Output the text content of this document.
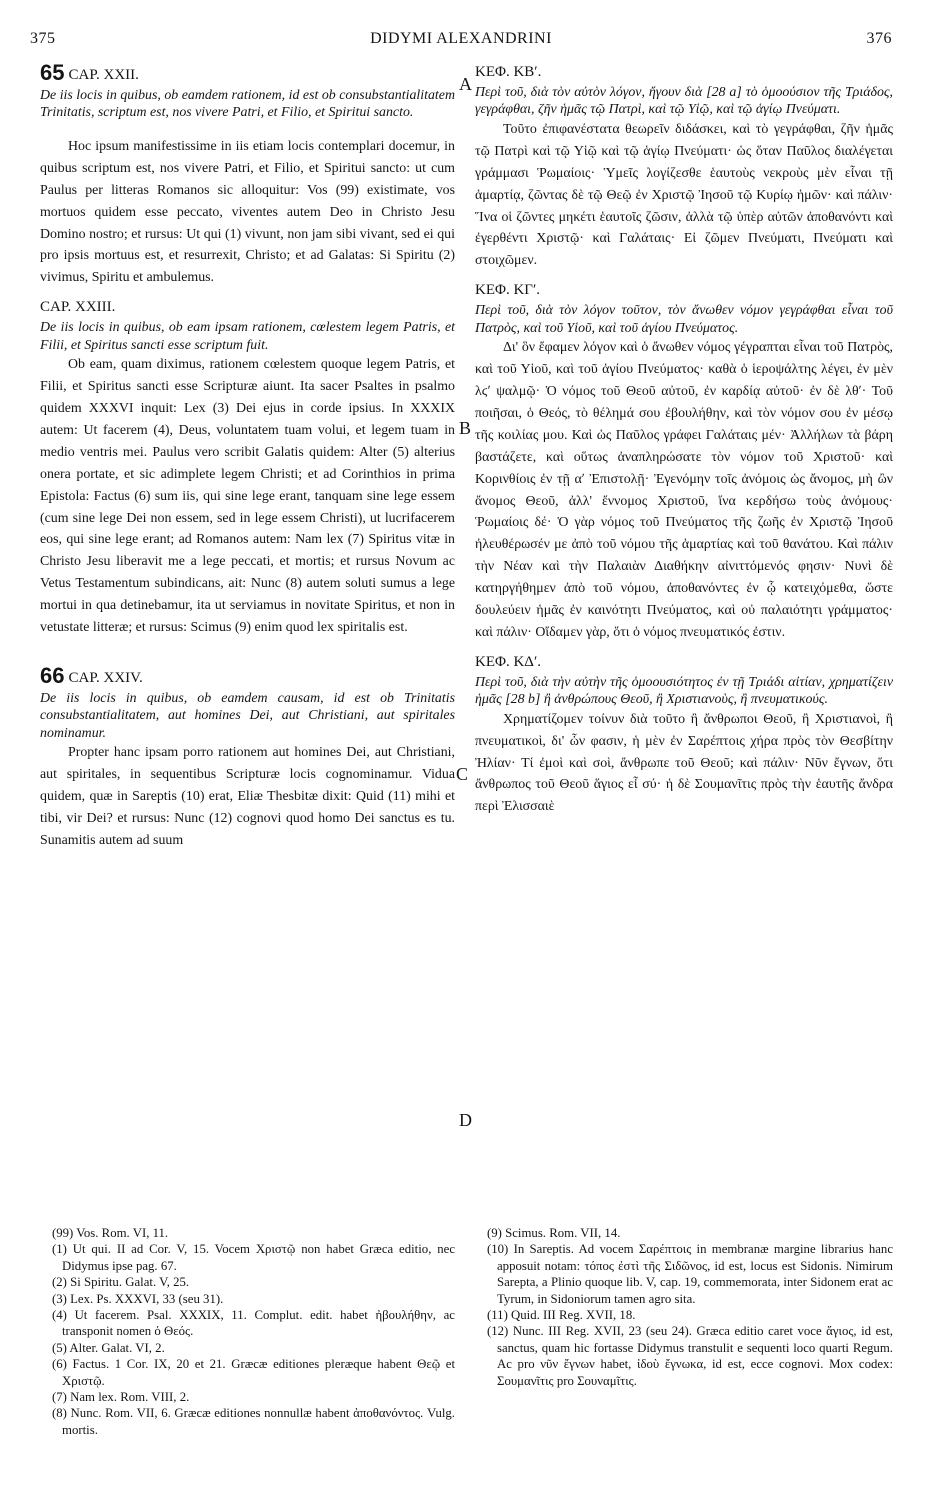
375	DIDYMI ALEXANDRINI	376
A
B
C
D

65 CAP. XXII.

De iis locis in quibus, ob eamdem rationem, id est ob consubstantialitatem Trinitatis, scriptum est, nos vivere Patri, et Filio, et Spiritui sancto.

Hoc ipsum manifestissime in iis etiam locis contemplari docemur, in quibus scriptum est, nos vivere Patri, et Filio, et Spiritui sancto: ut cum Paulus per litteras Romanos sic alloquitur: Vos (99) existimate, vos mortuos quidem esse peccato, viventes autem Deo in Christo Jesu Domino nostro; et rursus: Ut qui (1) vivunt, non jam sibi vivant, sed ei qui pro ipsis mortuus est, et resurrexit, Christo; et ad Galatas: Si Spiritu (2) vivimus, Spiritu et ambulemus.

CAP. XXIII.

De iis locis in quibus, ob eam ipsam rationem, cœlestem legem Patris, et Filii, et Spiritus sancti esse scriptum fuit.

Ob eam, quam diximus, rationem cœlestem quoque legem Patris, et Filii, et Spiritus sancti esse Scripturæ aiunt. Ita sacer Psaltes in psalmo quidem XXXVI inquit: Lex (3) Dei ejus in corde ipsius. In XXXIX autem: Ut facerem (4), Deus, voluntatem tuam volui, et legem tuam in medio ventris mei. Paulus vero scribit Galatis quidem: Alter (5) alterius onera portate, et sic adimplete legem Christi; et ad Corinthios in prima Epistola: Factus (6) sum iis, qui sine lege erant, tanquam sine lege essem (cum sine lege Dei non essem, sed in lege essem Christi), ut lucrifacerem eos, qui sine lege erant; ad Romanos autem: Nam lex (7) Spiritus vitæ in Christo Jesu liberavit me a lege peccati, et mortis; et rursus Novum ac Vetus Testamentum subindicans, ait: Nunc (8) autem soluti sumus a lege mortui in qua detinebamur, ita ut serviamus in novitate Spiritus, et non in vetustate litteræ; et rursus: Scimus (9) enim quod lex spiritalis est.

66 CAP. XXIV.

De iis locis in quibus, ob eamdem causam, id est ob Trinitatis consubstantialitatem, aut homines Dei, aut Christiani, aut spiritales nominamur.

Propter hanc ipsam porro rationem aut homines Dei, aut Christiani, aut spiritales, in sequentibus Scripturæ locis cognominamur. Vidua quidem, quæ in Sareptis (10) erat, Eliæ Thesbitæ dixit: Quid (11) mihi et tibi, vir Dei? et rursus: Nunc (12) cognovi quod homo Dei sanctus es tu. Sunamitis autem ad suum

ΚΕΦ. ΚΒʹ.

Περὶ τοῦ, διὰ τὸν αὐτὸν λόγον, ἤγουν διὰ [28 a] τὸ ὁμοούσιον τῆς Τριάδος, γεγράφθαι, ζῆν ἡμᾶς τῷ Πατρὶ, καὶ τῷ Υἱῷ, καὶ τῷ ἁγίῳ Πνεύματι.

Τοῦτο ἐπιφανέστατα θεωρεῖν διδάσκει, καὶ τὸ γεγράφθαι, ζῆν ἡμᾶς τῷ Πατρὶ καὶ τῷ Υἱῷ καὶ τῷ ἁγίῳ Πνεύματι· ὡς ὅταν Παῦλος διαλέγεται γράμμασι Ῥωμαίοις· Ὑμεῖς λογίζεσθε ἑαυτοὺς νεκροὺς μὲν εἶναι τῇ ἁμαρτίᾳ, ζῶντας δὲ τῷ Θεῷ ἐν Χριστῷ Ἰησοῦ τῷ Κυρίῳ ἡμῶν· καὶ πάλιν· Ἵνα οἱ ζῶντες μηκέτι ἑαυτοῖς ζῶσιν, ἀλλὰ τῷ ὑπὲρ αὐτῶν ἀποθανόντι καὶ ἐγερθέντι Χριστῷ· καὶ Γαλάταις· Εἰ ζῶμεν Πνεύματι, Πνεύματι καὶ στοιχῶμεν.

ΚΕΦ. ΚΓʹ.

Περὶ τοῦ, διὰ τὸν λόγον τοῦτον, τὸν ἄνωθεν νόμον γεγράφθαι εἶναι τοῦ Πατρὸς, καὶ τοῦ Υἱοῦ, καὶ τοῦ ἁγίου Πνεύματος.

Δι' ὃν ἔφαμεν λόγον καὶ ὁ ἄνωθεν νόμος γέγραπται εἶναι τοῦ Πατρὸς, καὶ τοῦ Υἱοῦ, καὶ τοῦ ἁγίου Πνεύματος· καθὰ ὁ ἱεροψάλτης λέγει, ἐν μὲν λϛʹ ψαλμῷ· Ὁ νόμος τοῦ Θεοῦ αὐτοῦ, ἐν καρδίᾳ αὐτοῦ· ἐν δὲ λθʹ· Τοῦ ποιῆσαι, ὁ Θεός, τὸ θέλημά σου ἐβουλήθην, καὶ τὸν νόμον σου ἐν μέσῳ τῆς κοιλίας μου. Καὶ ὡς Παῦλος γράφει Γαλάταις μέν· Ἀλλήλων τὰ βάρη βαστάζετε, καὶ οὕτως ἀναπληρώσατε τὸν νόμον τοῦ Χριστοῦ· καὶ Κορινθίοις ἐν τῇ αʹ Ἐπιστολῇ· Ἐγενόμην τοῖς ἀνόμοις ὡς ἄνομος, μὴ ὢν ἄνομος Θεοῦ, ἀλλ' ἔννομος Χριστοῦ, ἵνα κερδήσω τοὺς ἀνόμους· Ῥωμαίοις δέ· Ὁ γὰρ νόμος τοῦ Πνεύματος τῆς ζωῆς ἐν Χριστῷ Ἰησοῦ ἠλευθέρωσέν με ἀπὸ τοῦ νόμου τῆς ἁμαρτίας καὶ τοῦ θανάτου. Καὶ πάλιν τὴν Νέαν καὶ τὴν Παλαιὰν Διαθήκην αἰνιττόμενός φησιν· Νυνὶ δὲ κατηργήθημεν ἀπὸ τοῦ νόμου, ἀποθανόντες ἐν ᾧ κατειχόμεθα, ὥστε δουλεύειν ἡμᾶς ἐν καινότητι Πνεύματος, καὶ οὐ παλαιότητι γράμματος· καὶ πάλιν· Οἴδαμεν γὰρ, ὅτι ὁ νόμος πνευματικός ἐστιν.

ΚΕΦ. ΚΔʹ.

Περὶ τοῦ, διὰ τὴν αὐτὴν τῆς ὁμοουσιότητος ἐν τῇ Τριάδι αἰτίαν, χρηματίζειν ἡμᾶς [28 b] ἢ ἀνθρώπους Θεοῦ, ἢ Χριστιανοὺς, ἢ πνευματικούς.

Χρηματίζομεν τοίνυν διὰ τοῦτο ἢ ἄνθρωποι Θεοῦ, ἢ Χριστιανοὶ, ἢ πνευματικοὶ, δι' ὧν φασιν, ἡ μὲν ἐν Σαρέπτοις χήρα πρὸς τὸν Θεσβίτην Ἠλίαν· Τί ἐμοὶ καὶ σοὶ, ἄνθρωπε τοῦ Θεοῦ; καὶ πάλιν· Νῦν ἔγνων, ὅτι ἄνθρωπος τοῦ Θεοῦ ἅγιος εἶ σύ· ἡ δὲ Σουμανῖτις πρὸς τὴν ἑαυτῆς ἄνδρα περὶ Ἐλισσαιὲ

(99) Vos. Rom. VI, 11.
(1) Ut qui. II ad Cor. V, 15. Vocem Χριστῷ non habet Græca editio, nec Didymus ipse pag. 67.
(2) Si Spiritu. Galat. V, 25.
(3) Lex. Ps. XXXVI, 33 (seu 31).
(4) Ut facerem. Psal. XXXIX, 11. Complut. edit. habet ἠβουλήθην, ac transponit nomen ὁ Θεός.
(5) Alter. Galat. VI, 2.
(6) Factus. 1 Cor. IX, 20 et 21. Græcæ editiones pleræque habent Θεῷ et Χριστῷ.
(7) Nam lex. Rom. VIII, 2.
(8) Nunc. Rom. VII, 6. Græcæ editiones nonnullæ habent ἀποθανόντος. Vulg. mortis.
(9) Scimus. Rom. VII, 14.
(10) In Sareptis. Ad vocem Σαρέπτοις in membranæ margine librarius hanc apposuit notam: τόπος ἐστὶ τῆς Σιδῶνος, id est, locus est Sidonis. Nimirum Sarepta, a Plinio quoque lib. V, cap. 19, commemorata, inter Sidonem erat ac Tyrum, in Sidoniorum tamen agro sita.
(11) Quid. III Reg. XVII, 18.
(12) Nunc. III Reg. XVII, 23 (seu 24). Græca editio caret voce ἅγιος, id est, sanctus, quam hic fortasse Didymus transtulit e sequenti loco quarti Regum. Ac pro νῦν ἔγνων habet, ἰδοὺ ἔγνωκα, id est, ecce cognovi. Mox codex: Σουμανῖτις pro Σουναμῖτις.
